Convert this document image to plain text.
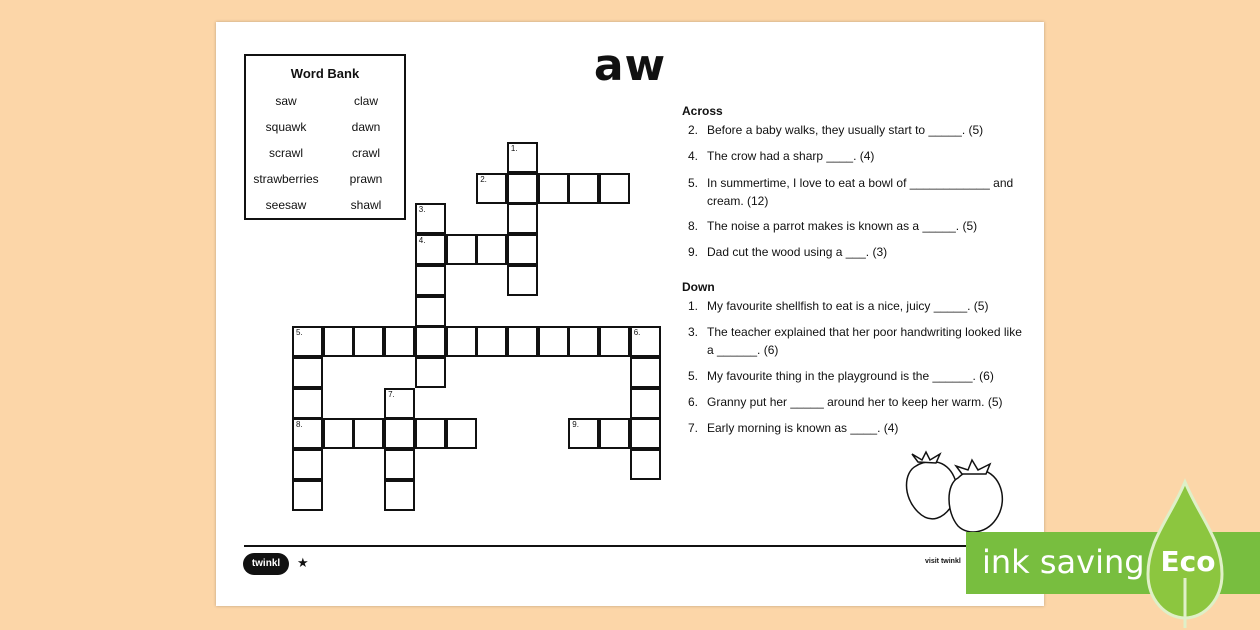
Word Bank
saw	claw
squawk	dawn
scrawl	crawl
strawberries	prawn
seesaw	shawl
aw
1.
2.
3.
4.
5.	6.
7.
8.	9.
Across
2. Before a baby walks, they usually start to _____. (5)
4. The crow had a sharp ____. (4)
5. In summertime, I love to eat a bowl of ____________ and cream. (12)
8. The noise a parrot makes is known as a _____. (5)
9. Dad cut the wood using a ___. (3)
Down
1. My favourite shellfish to eat is a nice, juicy _____. (5)
3. The teacher explained that her poor handwriting looked like a ______. (6)
5. My favourite thing in the playground is the ______. (6)
6. Granny put her _____ around her to keep her warm. (5)
7. Early morning is known as ____. (4)
twinkl	★	visit twinkl ink saving Eco
